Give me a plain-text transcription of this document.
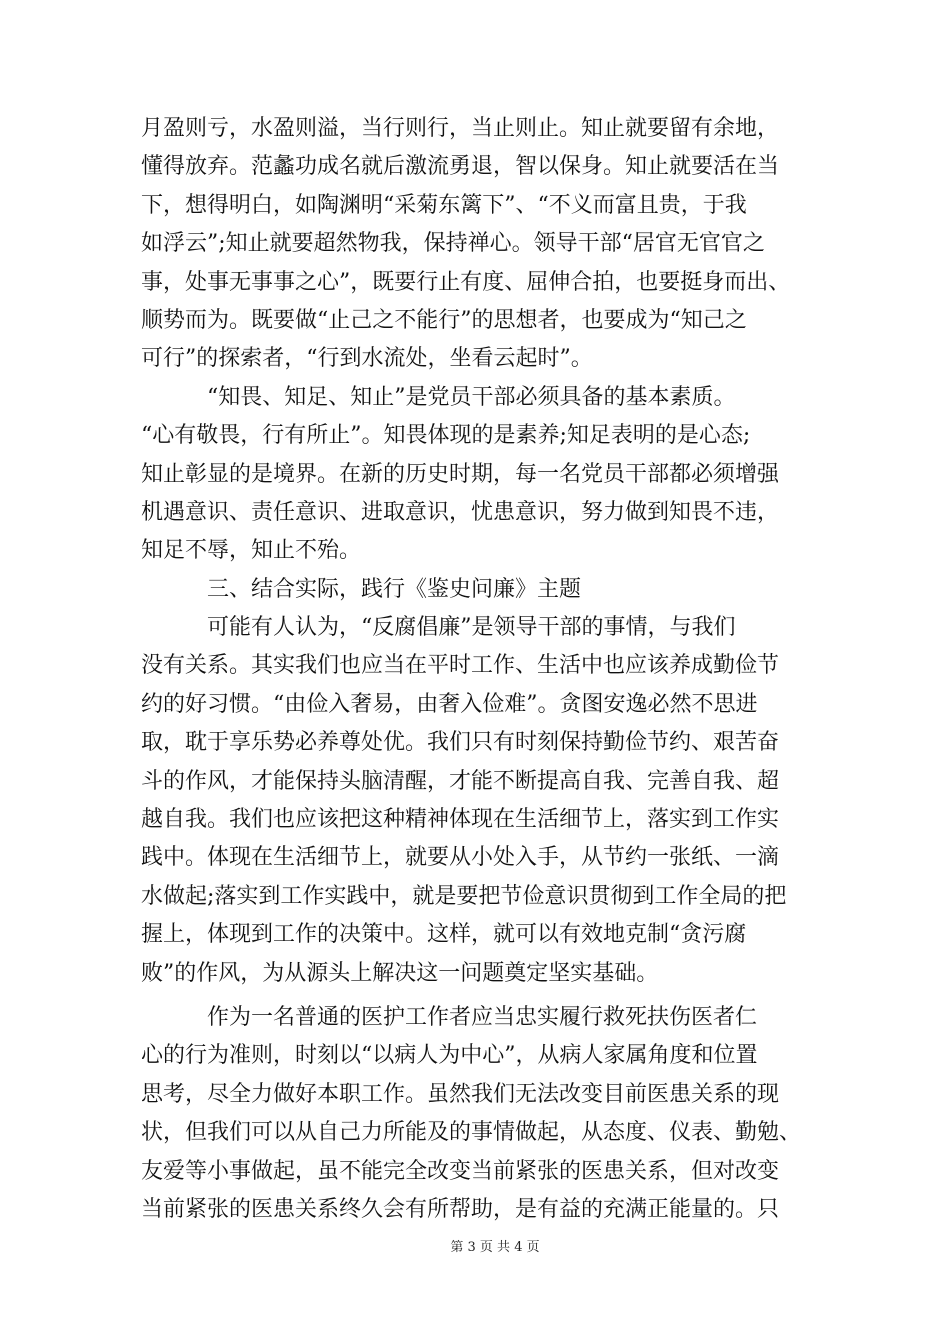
月盈则亏，水盈则溢，当行则行，当止则止。知止就要留有余地，
懂得放弃。范蠡功成名就后激流勇退，智以保身。知止就要活在当
下，想得明白，如陶渊明“采菊东篱下”、“不义而富且贵，于我
如浮云”;知止就要超然物我，保持禅心。领导干部“居官无官官之
事，处事无事事之心”，既要行止有度、屈伸合拍，也要挺身而出、
顺势而为。既要做“止己之不能行”的思想者，也要成为“知己之
可行”的探索者，“行到水流处，坐看云起时”。
　　　“知畏、知足、知止”是党员干部必须具备的基本素质。
“心有敬畏，行有所止”。知畏体现的是素养;知足表明的是心态;
知止彰显的是境界。在新的历史时期，每一名党员干部都必须增强
机遇意识、责任意识、进取意识，忧患意识，努力做到知畏不违，
知足不辱，知止不殆。
　　　三、结合实际，践行《鉴史问廉》主题
　　　可能有人认为，“反腐倡廉”是领导干部的事情，与我们
没有关系。其实我们也应当在平时工作、生活中也应该养成勤俭节
约的好习惯。“由俭入奢易，由奢入俭难”。贪图安逸必然不思进
取，耽于享乐势必养尊处优。我们只有时刻保持勤俭节约、艰苦奋
斗的作风，才能保持头脑清醒，才能不断提高自我、完善自我、超
越自我。我们也应该把这种精神体现在生活细节上，落实到工作实
践中。体现在生活细节上，就要从小处入手，从节约一张纸、一滴
水做起;落实到工作实践中，就是要把节俭意识贯彻到工作全局的把
握上，体现到工作的决策中。这样，就可以有效地克制“贪污腐
败”的作风，为从源头上解决这一问题奠定坚实基础。
　　　作为一名普通的医护工作者应当忠实履行救死扶伤医者仁
心的行为准则，时刻以“以病人为中心”，从病人家属角度和位置
思考，尽全力做好本职工作。虽然我们无法改变目前医患关系的现
状，但我们可以从自己力所能及的事情做起，从态度、仪表、勤勉、
友爱等小事做起，虽不能完全改变当前紧张的医患关系，但对改变
当前紧张的医患关系终久会有所帮助，是有益的充满正能量的。只
第 3 页 共 4 页
